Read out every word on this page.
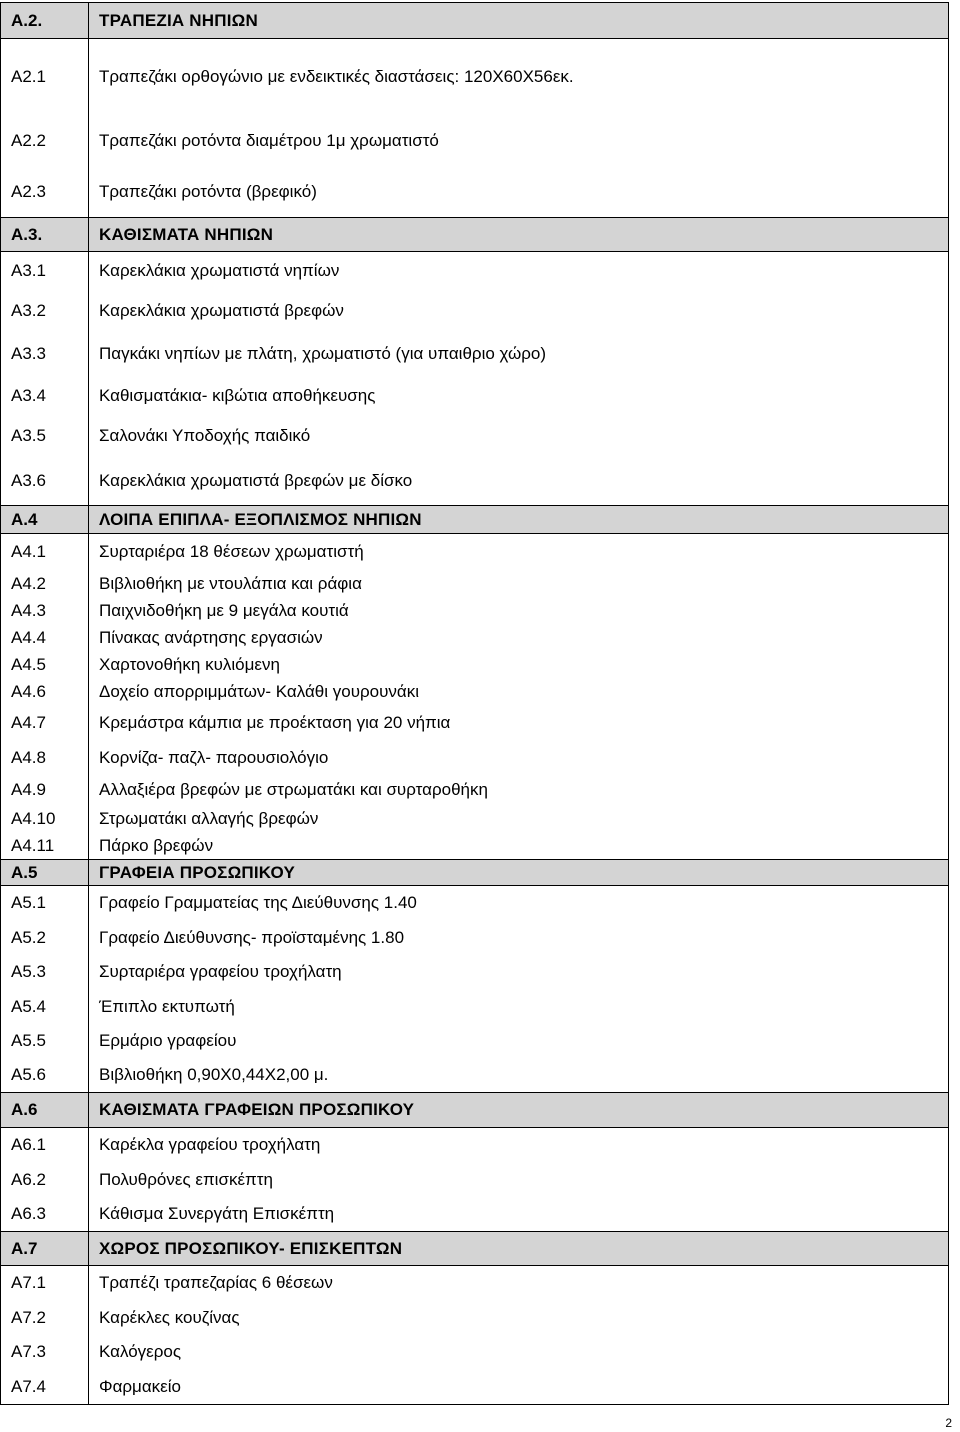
Α.2.	ΤΡΑΠΕΖΙΑ ΝΗΠΙΩΝ
Α2.1	Τραπεζάκι ορθογώνιο με ενδεικτικές διαστάσεις: 120Χ60Χ56εκ.
Α2.2	Τραπεζάκι ροτόντα διαμέτρου 1μ χρωματιστό
Α2.3	Τραπεζάκι ροτόντα (βρεφικό)
Α.3.	ΚΑΘΙΣΜΑΤΑ ΝΗΠΙΩΝ
Α3.1	Καρεκλάκια χρωματιστά νηπίων
Α3.2	Καρεκλάκια χρωματιστά βρεφών
Α3.3	Παγκάκι νηπίων με πλάτη, χρωματιστό (για υπαιθριο χώρο)
Α3.4	Καθισματάκια- κιβώτια αποθήκευσης
Α3.5	Σαλονάκι Υποδοχής παιδικό
Α3.6	Καρεκλάκια χρωματιστά βρεφών με δίσκο
Α.4	ΛΟΙΠΑ ΕΠΙΠΛΑ- ΕΞΟΠΛΙΣΜΟΣ ΝΗΠΙΩΝ
Α4.1	Συρταριέρα 18 θέσεων χρωματιστή
Α4.2	Βιβλιοθήκη με ντουλάπια και ράφια
Α4.3	Παιχνιδοθήκη με 9 μεγάλα κουτιά
Α4.4	Πίνακας ανάρτησης εργασιών
Α4.5	Χαρτονοθήκη κυλιόμενη
Α4.6	Δοχείο απορριμμάτων- Καλάθι γουρουνάκι
Α4.7	Κρεμάστρα κάμπια με προέκταση για 20 νήπια
Α4.8	Κορνίζα- παζλ- παρουσιολόγιο
Α4.9	Αλλαξιέρα βρεφών με στρωματάκι και συρταροθήκη
Α4.10	Στρωματάκι αλλαγής βρεφών
Α4.11	Πάρκο βρεφών
Α.5	ΓΡΑΦΕΙΑ ΠΡΟΣΩΠΙΚΟΥ
Α5.1	Γραφείο Γραμματείας της Διεύθυνσης 1.40
Α5.2	Γραφείο Διεύθυνσης- προϊσταμένης 1.80
Α5.3	Συρταριέρα γραφείου τροχήλατη
Α5.4	Έπιπλο εκτυπωτή
Α5.5	Ερμάριο γραφείου
Α5.6	Βιβλιοθήκη 0,90Χ0,44Χ2,00 μ.
Α.6	ΚΑΘΙΣΜΑΤΑ ΓΡΑΦΕΙΩΝ ΠΡΟΣΩΠΙΚΟΥ
Α6.1	Καρέκλα γραφείου τροχήλατη
Α6.2	Πολυθρόνες επισκέπτη
Α6.3	Κάθισμα Συνεργάτη Επισκέπτη
Α.7	ΧΩΡΟΣ ΠΡΟΣΩΠΙΚΟΥ- ΕΠΙΣΚΕΠΤΩΝ
Α7.1	Τραπέζι τραπεζαρίας 6 θέσεων
Α7.2	Καρέκλες κουζίνας
Α7.3	Καλόγερος
Α7.4	Φαρμακείο
2
